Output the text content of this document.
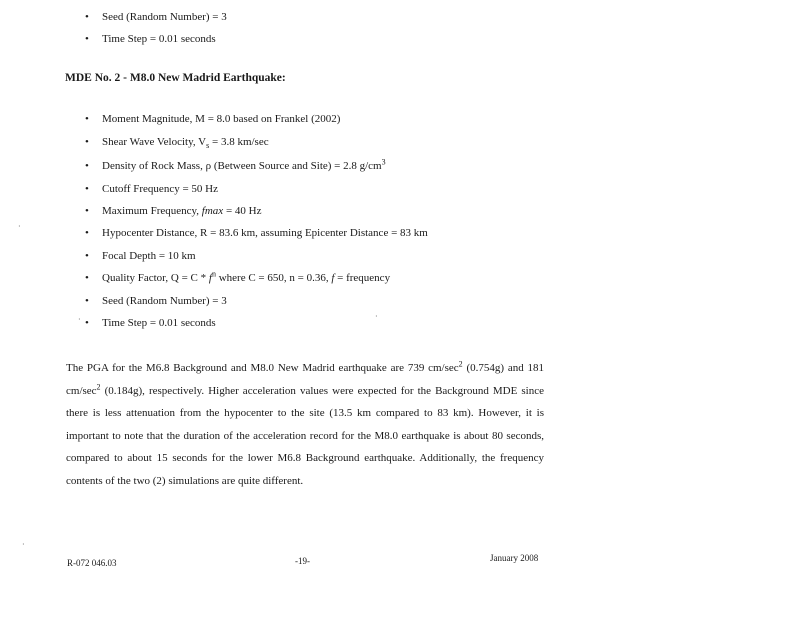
•	Seed (Random Number) = 3
•	Time Step = 0.01 seconds
MDE No. 2 - M8.0 New Madrid Earthquake:
•	Moment Magnitude, M = 8.0 based on Frankel (2002)
•	Shear Wave Velocity, $V_s = 3.8$ km/sec
•	Density of Rock Mass, ρ (Between Source and Site) = 2.8 $g/cm^3$
•	Cutoff Frequency = 50 Hz
•	Maximum Frequency, fmax = 40 Hz
•	Hypocenter Distance, R = 83.6 km, assuming Epicenter Distance = 83 km
•	Focal Depth = 10 km
•	Quality Factor, $Q = C * f^n$ where C = 650, n = 0.36, f = frequency
•	Seed (Random Number) = 3
•	Time Step = 0.01 seconds

The PGA for the M6.8 Background and M8.0 New Madrid earthquake are 739 $cm/\sec^2$ (0.754g) and 181 $cm/\sec^2$ (0.184g), respectively. Higher acceleration values were expected for the Background MDE since there is less attenuation from the hypocenter to the site (13.5 km compared to 83 km). However, it is important to note that the duration of the acceleration record for the M8.0 earthquake is about 80 seconds, compared to about 15 seconds for the lower M6.8 Background earthquake. Additionally, the frequency contents of the two (2) simulations are quite different.

R-072 046.03	-19-	January 2008
·
·
·	·
